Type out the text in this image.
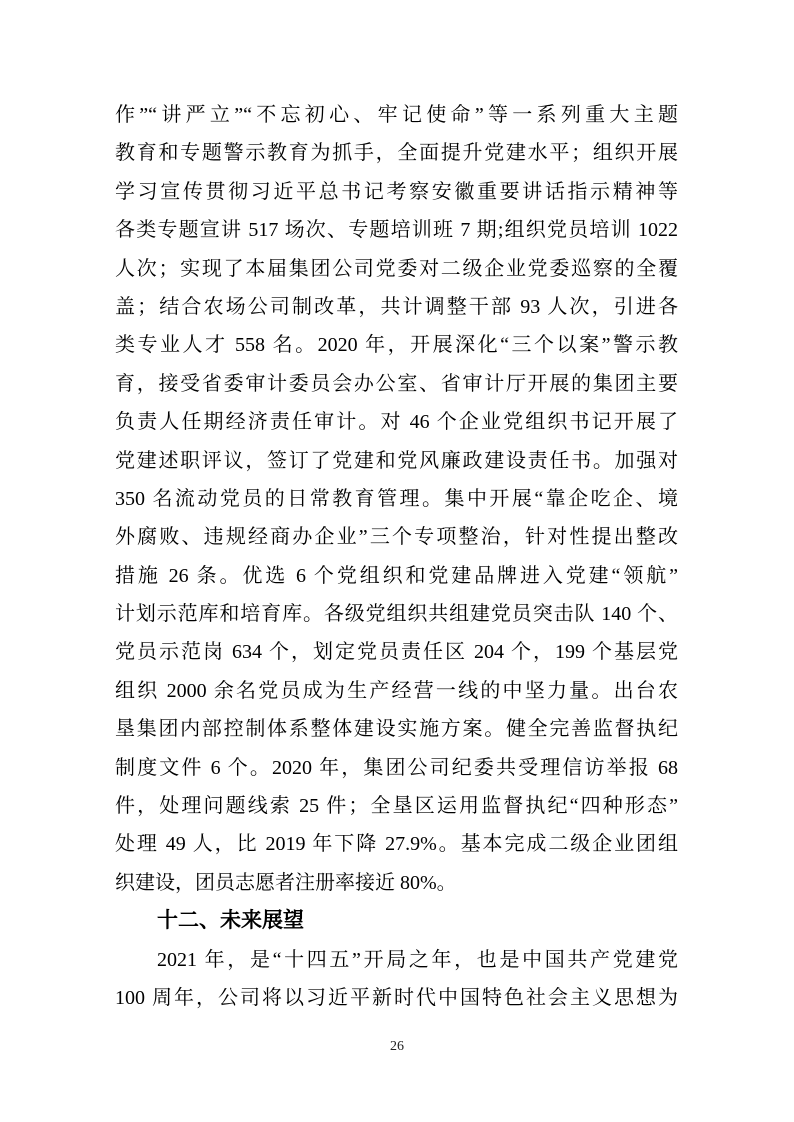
作”“讲严立”“不忘初心、牢记使命”等一系列重大主题
教育和专题警示教育为抓手，全面提升党建水平；组织开展
学习宣传贯彻习近平总书记考察安徽重要讲话指示精神等
各类专题宣讲 517 场次、专题培训班 7 期;组织党员培训 1022
人次；实现了本届集团公司党委对二级企业党委巡察的全覆
盖；结合农场公司制改革，共计调整干部 93 人次，引进各
类专业人才 558 名。2020 年，开展深化“三个以案”警示教
育，接受省委审计委员会办公室、省审计厅开展的集团主要
负责人任期经济责任审计。对 46 个企业党组织书记开展了
党建述职评议，签订了党建和党风廉政建设责任书。加强对
350 名流动党员的日常教育管理。集中开展“靠企吃企、境
外腐败、违规经商办企业”三个专项整治，针对性提出整改
措施 26 条。优选 6 个党组织和党建品牌进入党建“领航”
计划示范库和培育库。各级党组织共组建党员突击队 140 个、
党员示范岗 634 个，划定党员责任区 204 个，199 个基层党
组织 2000 余名党员成为生产经营一线的中坚力量。出台农
垦集团内部控制体系整体建设实施方案。健全完善监督执纪
制度文件 6 个。2020 年，集团公司纪委共受理信访举报 68
件，处理问题线索 25 件；全垦区运用监督执纪“四种形态”
处理 49 人，比 2019 年下降 27.9%。基本完成二级企业团组
织建设，团员志愿者注册率接近 80%。
十二、未来展望
2021 年，是“十四五”开局之年，也是中国共产党建党
100 周年，公司将以习近平新时代中国特色社会主义思想为
26
